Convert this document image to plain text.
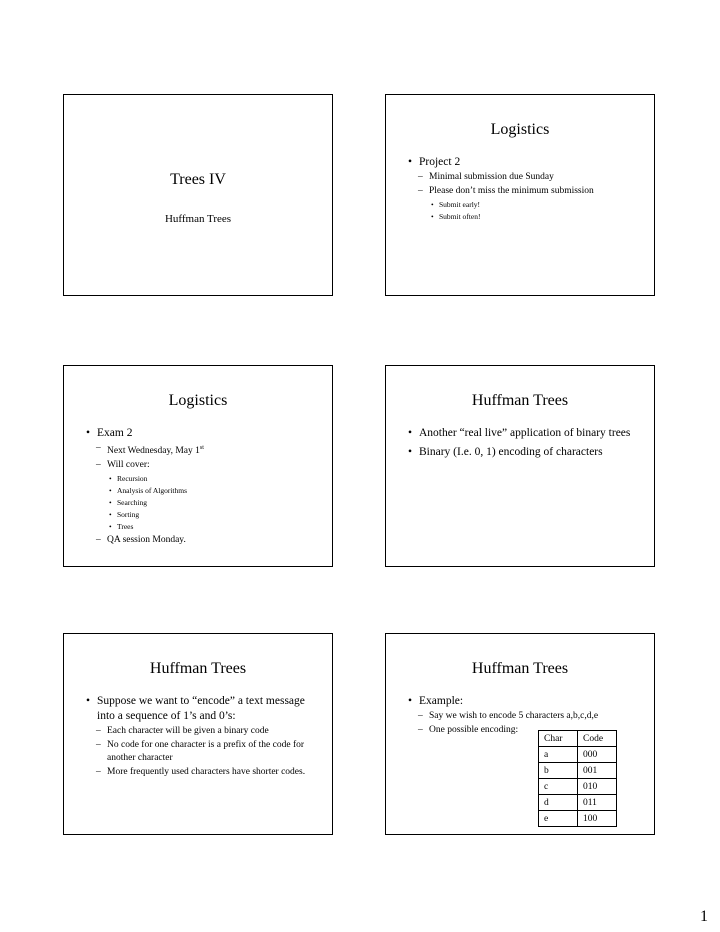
Trees IV
Huffman Trees
Logistics
• Project 2
– Minimal submission due Sunday
– Please don’t miss the minimum submission
• Submit early!
• Submit often!
Logistics
• Exam 2
– Next Wednesday, May 1st
– Will cover:
• Recursion
• Analysis of Algorithms
• Searching
• Sorting
• Trees
– QA session Monday.
Huffman Trees
• Another “real live” application of binary trees
• Binary (I.e. 0, 1) encoding of characters
Huffman Trees
• Suppose we want to “encode” a text message into a sequence of 1’s and 0’s:
– Each character will be given a binary code
– No code for one character is a prefix of the code for another character
– More frequently used characters have shorter codes.
Huffman Trees
• Example:
– Say we wish to encode 5 characters a,b,c,d,e
– One possible encoding:
Char	Code
a	000
b	001
c	010
d	011
e	100
1
